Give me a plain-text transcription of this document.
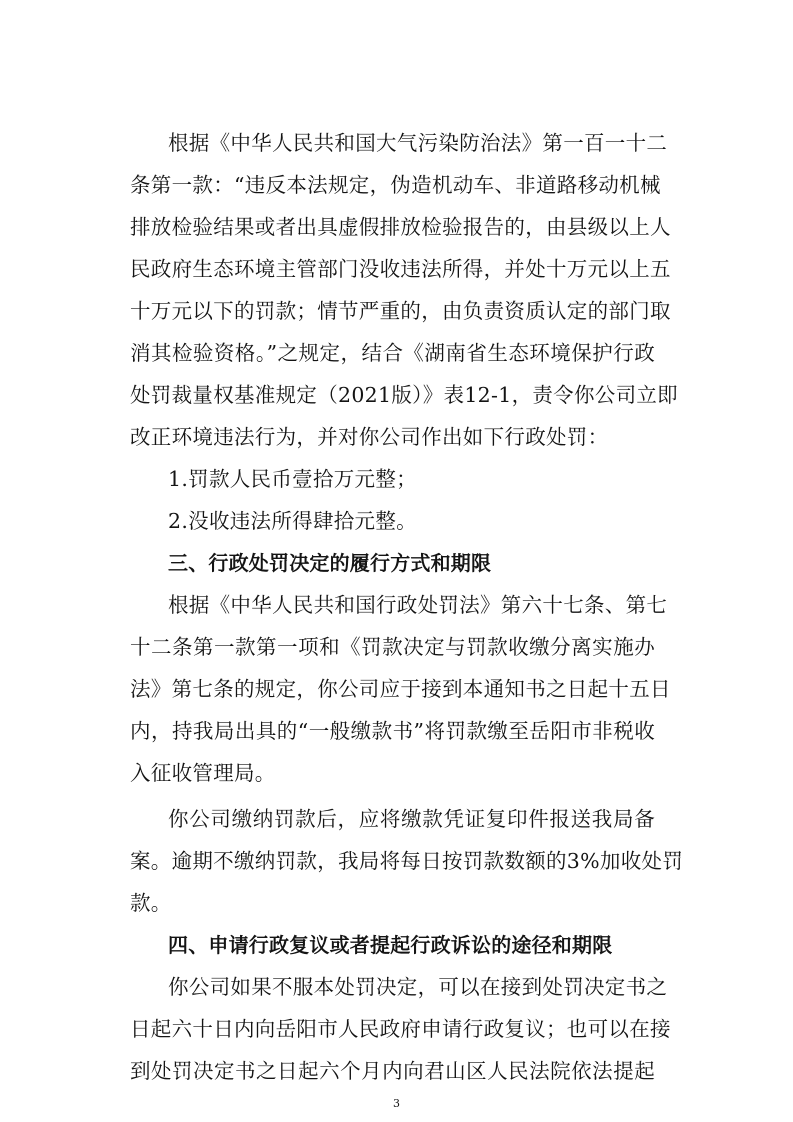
根据《中华人民共和国大气污染防治法》第一百一十二
条第一款：“违反本法规定，伪造机动车、非道路移动机械
排放检验结果或者出具虚假排放检验报告的，由县级以上人
民政府生态环境主管部门没收违法所得，并处十万元以上五
十万元以下的罚款；情节严重的，由负责资质认定的部门取
消其检验资格。”之规定，结合《湖南省生态环境保护行政
处罚裁量权基准规定（2021版）》表12-1，责令你公司立即
改正环境违法行为，并对你公司作出如下行政处罚：
1.罚款人民币壹拾万元整；
2.没收违法所得肆拾元整。
三、行政处罚决定的履行方式和期限
根据《中华人民共和国行政处罚法》第六十七条、第七
十二条第一款第一项和《罚款决定与罚款收缴分离实施办
法》第七条的规定，你公司应于接到本通知书之日起十五日
内，持我局出具的“一般缴款书”将罚款缴至岳阳市非税收
入征收管理局。
你公司缴纳罚款后，应将缴款凭证复印件报送我局备
案。逾期不缴纳罚款，我局将每日按罚款数额的3%加收处罚
款。
四、申请行政复议或者提起行政诉讼的途径和期限
你公司如果不服本处罚决定，可以在接到处罚决定书之
日起六十日内向岳阳市人民政府申请行政复议；也可以在接
到处罚决定书之日起六个月内向君山区人民法院依法提起
3
